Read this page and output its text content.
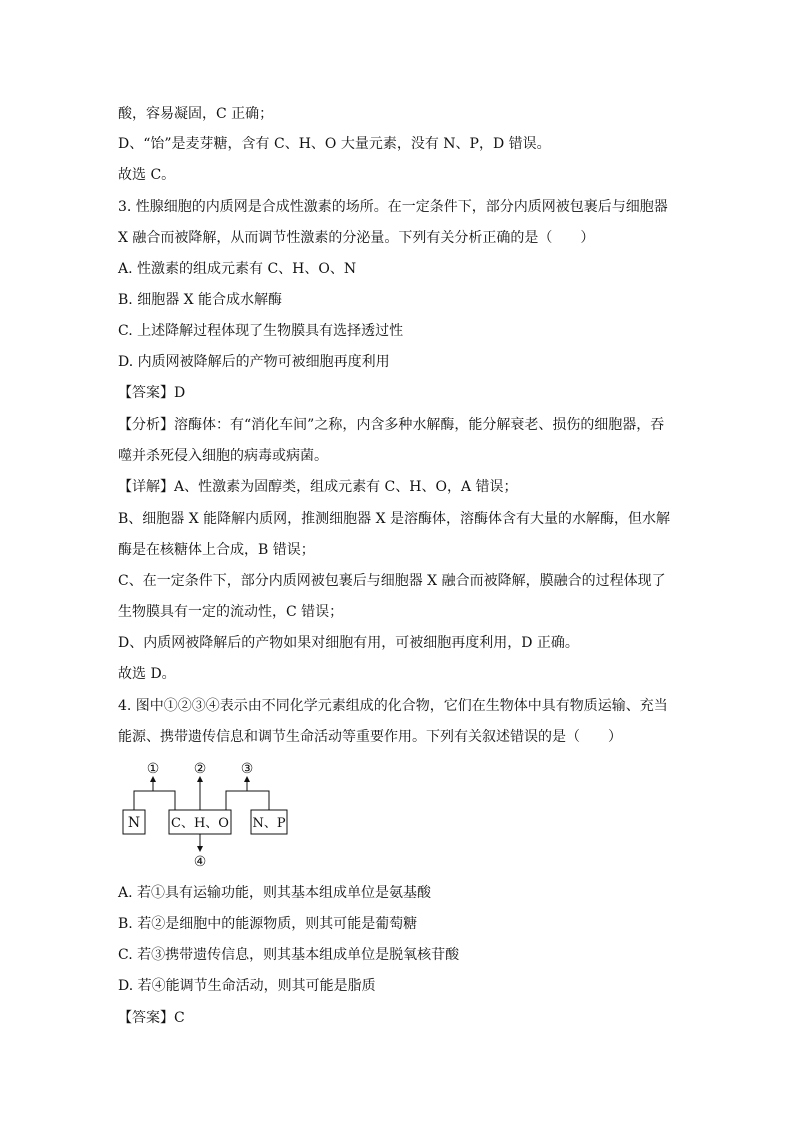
酸，容易凝固，C 正确；
D、“饴”是麦芽糖，含有 C、H、O 大量元素，没有 N、P，D 错误。
故选 C。
3. 性腺细胞的内质网是合成性激素的场所。在一定条件下，部分内质网被包裹后与细胞器
X 融合而被降解，从而调节性激素的分泌量。下列有关分析正确的是（　　）
A. 性激素的组成元素有 C、H、O、N
B. 细胞器 X 能合成水解酶
C. 上述降解过程体现了生物膜具有选择透过性
D. 内质网被降解后的产物可被细胞再度利用
【答案】D
【分析】溶酶体：有“消化车间”之称，内含多种水解酶，能分解衰老、损伤的细胞器，吞
噬并杀死侵入细胞的病毒或病菌。
【详解】A、性激素为固醇类，组成元素有 C、H、O，A 错误；
B、细胞器 X 能降解内质网，推测细胞器 X 是溶酶体，溶酶体含有大量的水解酶，但水解
酶是在核糖体上合成，B 错误；
C、在一定条件下，部分内质网被包裹后与细胞器 X 融合而被降解，膜融合的过程体现了
生物膜具有一定的流动性，C 错误；
D、内质网被降解后的产物如果对细胞有用，可被细胞再度利用，D 正确。
故选 D。
4. 图中①②③④表示由不同化学元素组成的化合物，它们在生物体中具有物质运输、充当
能源、携带遗传信息和调节生命活动等重要作用。下列有关叙述错误的是（　　）
① ② ③
④
N C、H、O N、P
A. 若①具有运输功能，则其基本组成单位是氨基酸
B. 若②是细胞中的能源物质，则其可能是葡萄糖
C. 若③携带遗传信息，则其基本组成单位是脱氧核苷酸
D. 若④能调节生命活动，则其可能是脂质
【答案】C
